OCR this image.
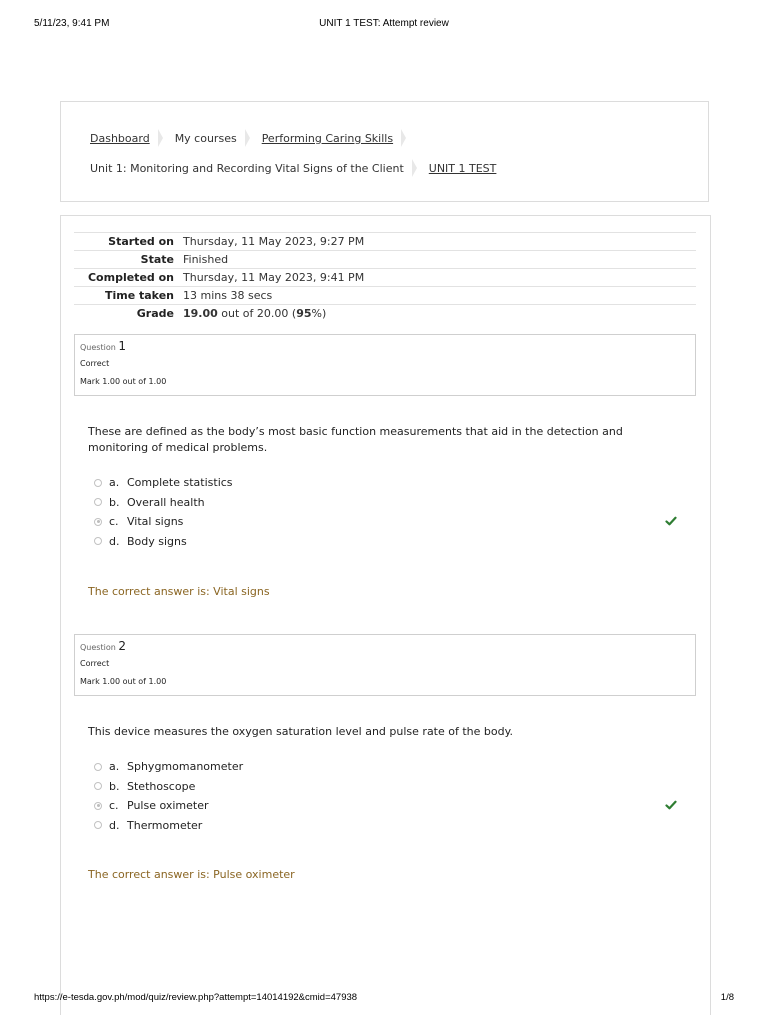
5/11/23, 9:41 PM	UNIT 1 TEST: Attempt review
Dashboard My courses Performing Caring Skills
Unit 1: Monitoring and Recording Vital Signs of the Client UNIT 1 TEST
Started on	Thursday, 11 May 2023, 9:27 PM
State	Finished
Completed on	Thursday, 11 May 2023, 9:41 PM
Time taken	13 mins 38 secs
Grade	19.00 out of 20.00 (95%)
Question 1
Correct
Mark 1.00 out of 1.00
These are defined as the body’s most basic function measurements that aid in the detection and monitoring of medical problems.
a. Complete statistics
b. Overall health
c. Vital signs
d. Body signs
The correct answer is: Vital signs
Question 2
Correct
Mark 1.00 out of 1.00
This device measures the oxygen saturation level and pulse rate of the body.
a. Sphygmomanometer
b. Stethoscope
c. Pulse oximeter
d. Thermometer
The correct answer is: Pulse oximeter
https://e-tesda.gov.ph/mod/quiz/review.php?attempt=14014192&cmid=47938	1/8
